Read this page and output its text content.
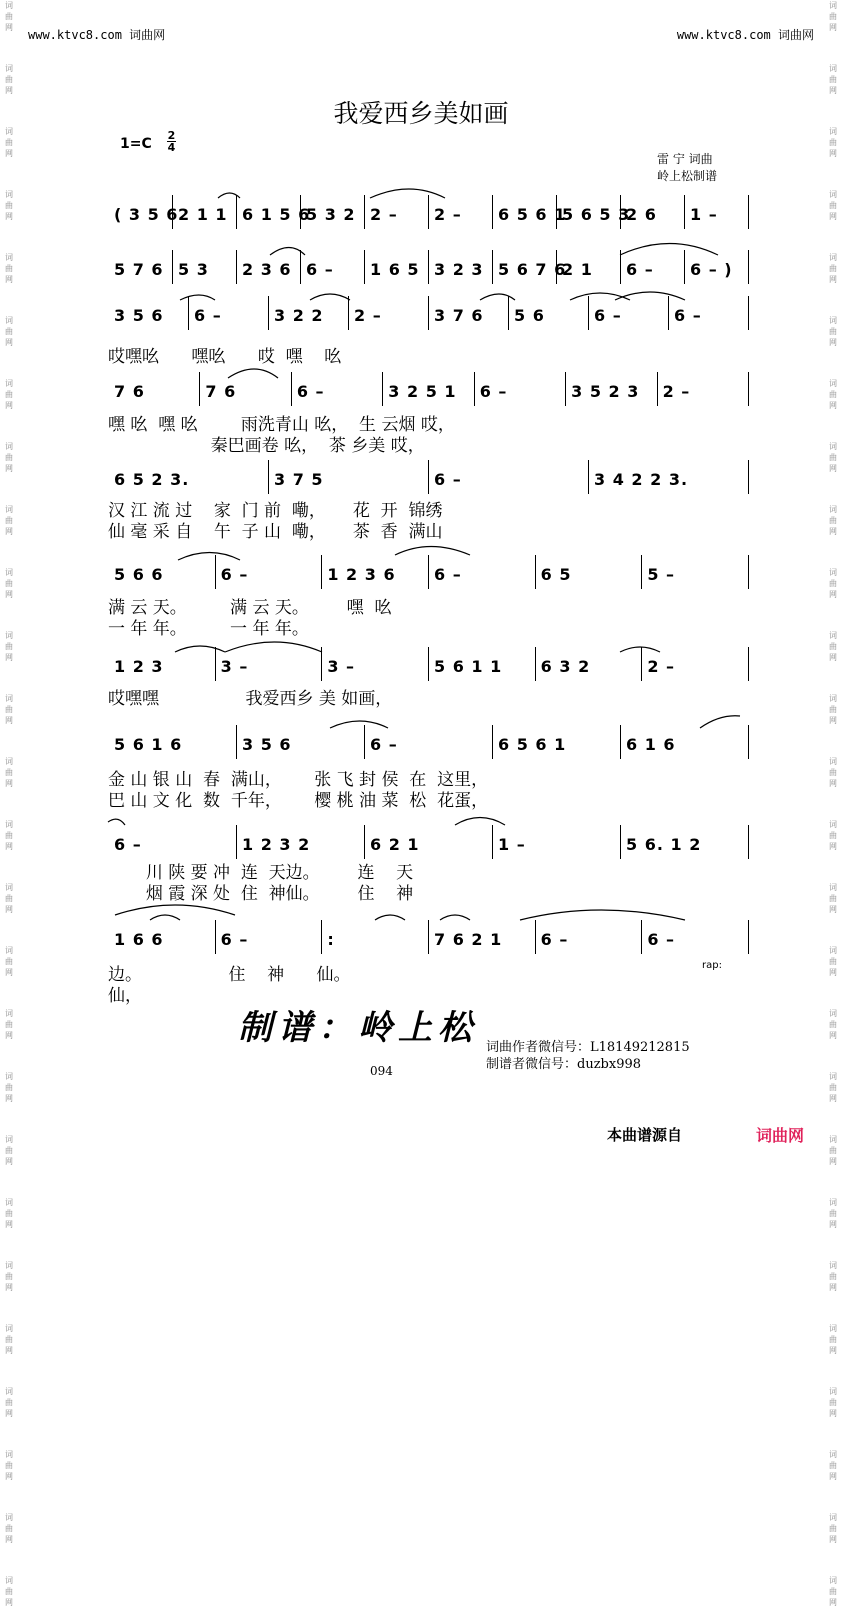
词
曲
网
词
曲
网
词
曲
网
词
曲
网
词
曲
网
词
曲
网
词
曲
网
词
曲
网
词
曲
网
词
曲
网
词
曲
网
词
曲
网
词
曲
网
词
曲
网
词
曲
网
词
曲
网
词
曲
网
词
曲
网
词
曲
网
词
曲
网
词
曲
网
词
曲
网
词
曲
网
词
曲
网
词
曲
网
词
曲
网
词
曲
网
词
曲
网
词
曲
网
词
曲
网
词
曲
网
词
曲
网
词
曲
网
词
曲
网
词
曲
网
词
曲
网
词
曲
网
词
曲
网
词
曲
网
词
曲
网
词
曲
网
词
曲
网
词
曲
网
词
曲
网
词
曲
网
词
曲
网
词
曲
网
词
曲
网
词
曲
网
词
曲
网
词
曲
网
词
曲
网
www.ktvc8.com 词曲网	www.ktvc8.com 词曲网
我爱西乡美如画
1=C
2
4
雷 宁 词曲
岭上松制谱
( 3 5 6 2 1 1 6 1 5 6
5 3 2 2 – 2 – 6 5 6 1
5 6 5 3
2 6 1 –
5 7 6 5 3 2 3 6 6 – 1 6 5 3 2 3 5 6 7 6
2 1 6 – 6 – )
3 5 6 6 –	3 2 2 2 –	3 7 6 5 6	6 –	6 –
7 6	7 6	6 –	3 2 5 1 6 –	3 5 2 3 2 –
6 5 2 3.	3 7 5	6 –	3 4 2 2 3.
5 6 6	6 –	1 2 3 6 6 –	6 5	5 –
1 2 3	3 –	3 –	5 6 1 1 6 3 2	2 –
5 6 1 6	3 5 6	6 –	6 5 6 1	6 1 6
6 –	1 2 3 2	6 2 1	1 –	5 6. 1 2
1 6 6	6 –	:	7 6 2 1 6 –	6 –
哎嘿吆      嘿吆      哎  嘿    吆
嘿 吆  嘿 吆        雨洗青山 吆，  生 云烟 哎，
秦巴画卷 吆，  茶 乡美 哎，
汉 江 流 过    家  门 前  嘞，     花  开  锦绣
仙 毫 采 自    午  子 山  嘞，     茶  香  满山
满 云 天。        满 云 天。       嘿  吆
一 年 年。        一 年 年。
哎嘿嘿                我爱西乡 美 如画，
金 山 银 山  春  满山，      张 飞 封 侯  在  这里，
巴 山 文 化  数  千年，      樱 桃 油 菜  松  花蛋，
川 陕 要 冲  连  天边。       连    天
烟 霞 深 处  住  神仙。       住    神
边。                住    神      仙。
仙，
rap:
制谱：岭上松 词曲作者微信号：L18149212815
制谱者微信号：duzbx998
094
本曲谱源自	词曲网
